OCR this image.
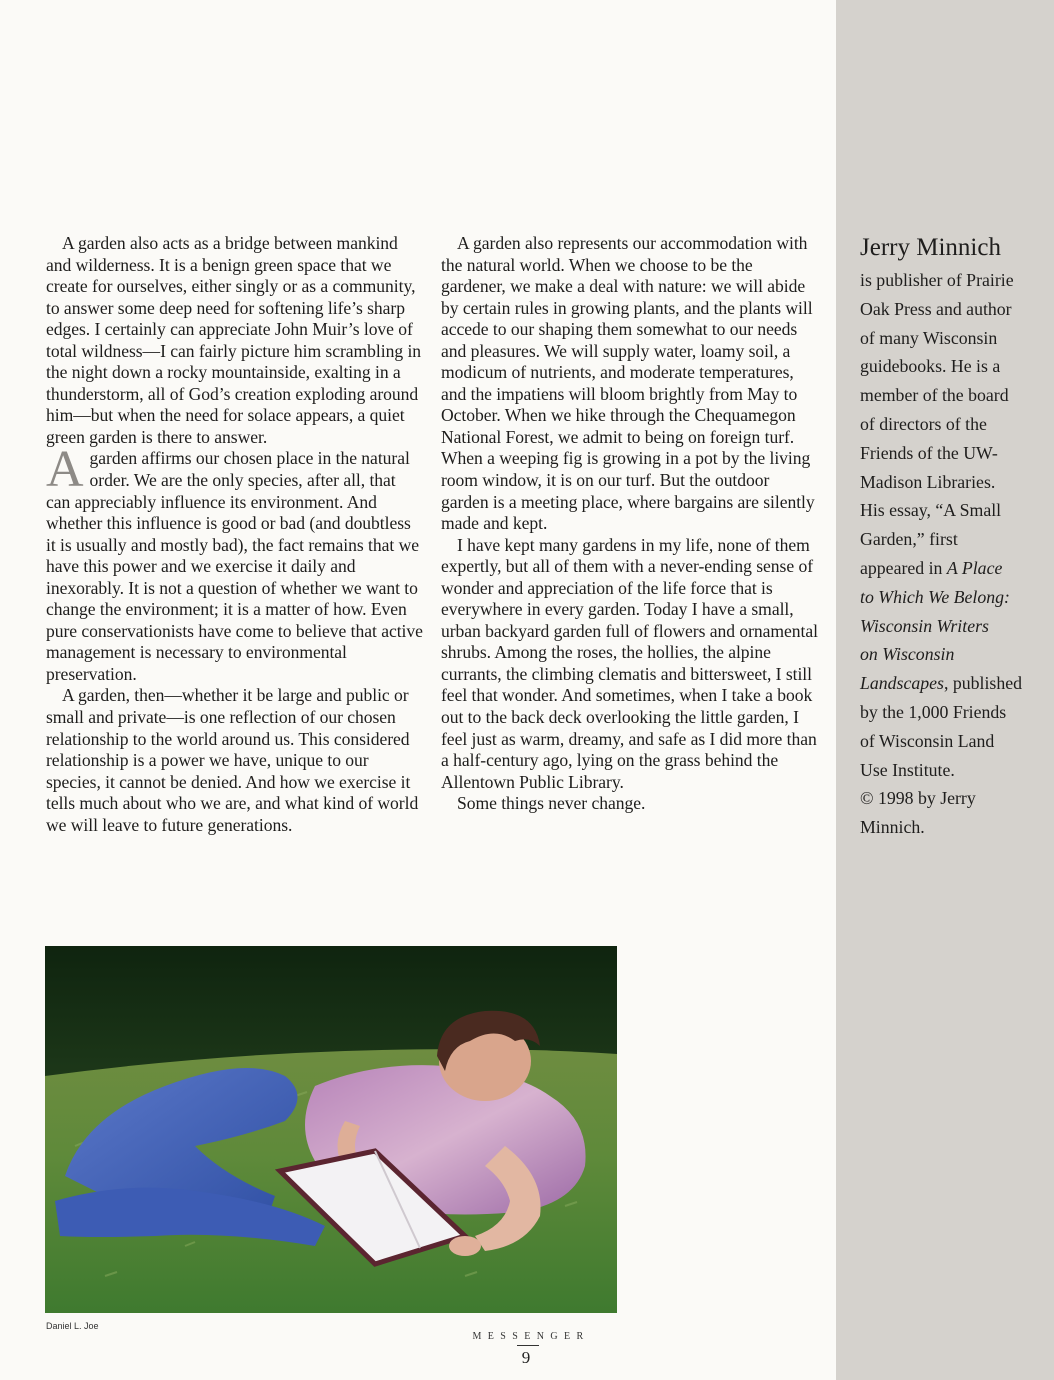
A garden also acts as a bridge between mankind and wilderness. It is a benign green space that we create for ourselves, either singly or as a community, to answer some deep need for softening life’s sharp edges. I certainly can appreciate John Muir’s love of total wildness—I can fairly picture him scrambling in the night down a rocky mountainside, exalting in a thunderstorm, all of God’s creation exploding around him—but when the need for solace appears, a quiet green garden is there to answer.

Agarden affirms our chosen place in the natural order. We are the only species, after all, that can appreciably influence its environment. And whether this influence is good or bad (and doubtless it is usually and mostly bad), the fact remains that we have this power and we exercise it daily and inexorably. It is not a question of whether we want to change the environment; it is a matter of how. Even pure conservationists have come to believe that active management is necessary to environmental preservation.

A garden, then—whether it be large and public or small and private—is one reflection of our chosen relationship to the world around us. This considered relationship is a power we have, unique to our species, it cannot be denied. And how we exercise it tells much about who we are, and what kind of world we will leave to future generations.

A garden also represents our accommodation with the natural world. When we choose to be the gardener, we make a deal with nature: we will abide by certain rules in growing plants, and the plants will accede to our shaping them somewhat to our needs and pleasures. We will supply water, loamy soil, a modicum of nutrients, and moderate temperatures, and the impatiens will bloom brightly from May to October. When we hike through the Chequamegon National Forest, we admit to being on foreign turf. When a weeping fig is growing in a pot by the living room window, it is on our turf. But the outdoor garden is a meeting place, where bargains are silently made and kept.

I have kept many gardens in my life, none of them expertly, but all of them with a never-ending sense of wonder and appreciation of the life force that is everywhere in every garden. Today I have a small, urban backyard garden full of flowers and ornamental shrubs. Among the roses, the hollies, the alpine currants, the climbing clematis and bittersweet, I still feel that wonder. And sometimes, when I take a book out to the back deck overlooking the little garden, I feel just as warm, dreamy, and safe as I did more than a half-century ago, lying on the grass behind the Allentown Public Library.

Some things never change.

Jerry Minnich
is publisher of Prairie
Oak Press and author
of many Wisconsin
guidebooks. He is a
member of the board
of directors of the
Friends of the UW-
Madison Libraries.
His essay, “A Small
Garden,” first
appeared in A Place
to Which We Belong:
Wisconsin Writers
on Wisconsin
Landscapes, published
by the 1,000 Friends
of Wisconsin Land
Use Institute.
© 1998 by Jerry
Minnich.
Daniel L. Joe
MESSENGER
9
